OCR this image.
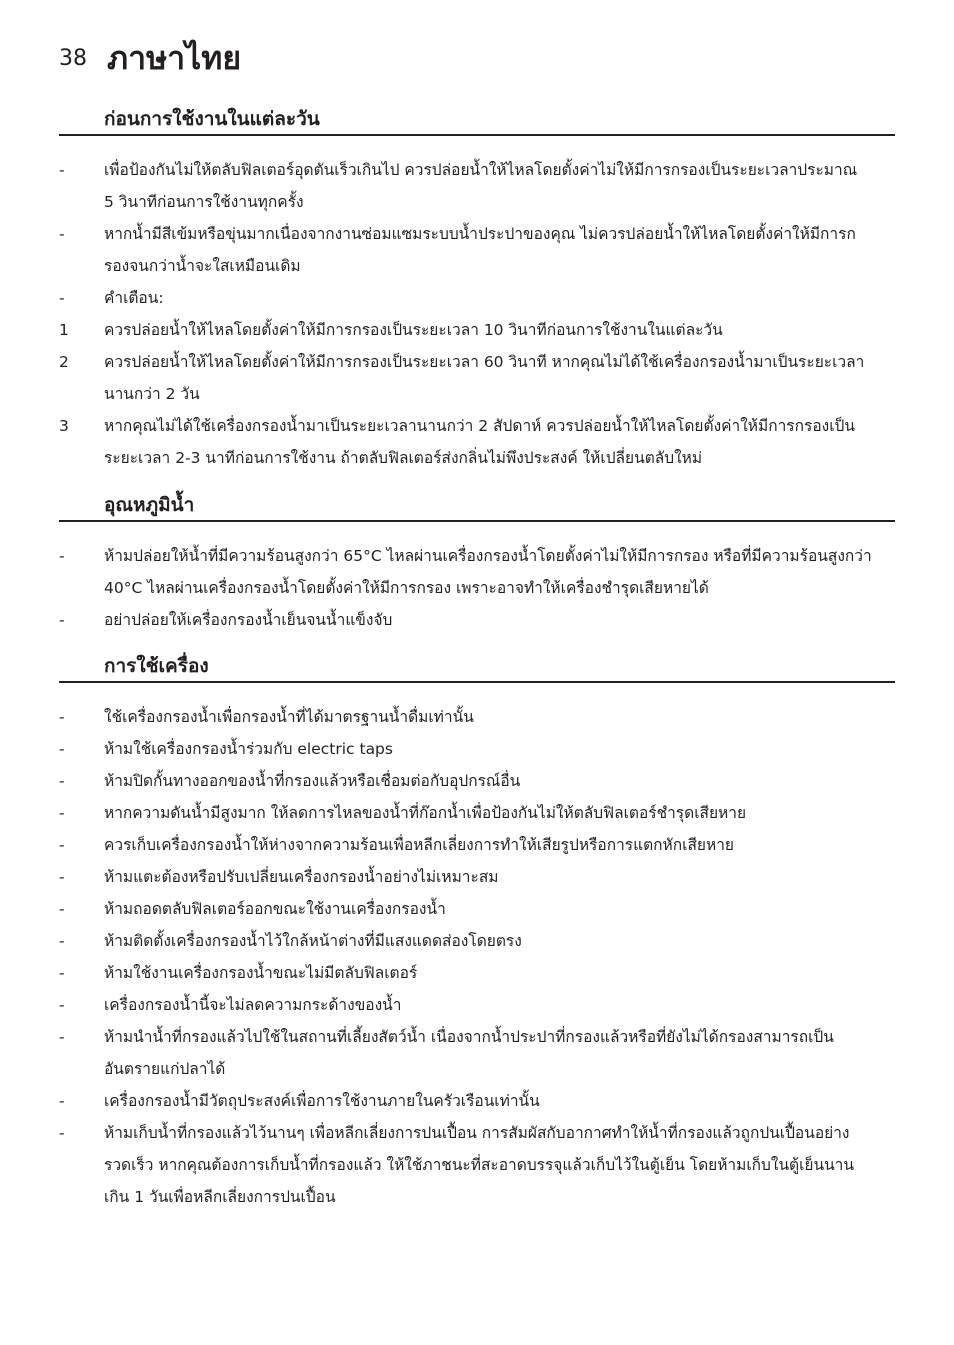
38 ภาษาไทย
ก่อนการใช้งานในแต่ละวัน
-	เพื่อป้องกันไม่ให้ตลับฟิลเตอร์อุดตันเร็วเกินไป ควรปล่อยน้ำให้ไหลโดยตั้งค่าไม่ให้มีการกรองเป็นระยะเวลาประมาณ
5 วินาทีก่อนการใช้งานทุกครั้ง
-	หากน้ำมีสีเข้มหรือขุ่นมากเนื่องจากงานซ่อมแซมระบบน้ำประปาของคุณ ไม่ควรปล่อยน้ำให้ไหลโดยตั้งค่าให้มีการก
รองจนกว่าน้ำจะใสเหมือนเดิม
-	คำเตือน:
1	ควรปล่อยน้ำให้ไหลโดยตั้งค่าให้มีการกรองเป็นระยะเวลา 10 วินาทีก่อนการใช้งานในแต่ละวัน
2	ควรปล่อยน้ำให้ไหลโดยตั้งค่าให้มีการกรองเป็นระยะเวลา 60 วินาที หากคุณไม่ได้ใช้เครื่องกรองน้ำมาเป็นระยะเวลา
นานกว่า 2 วัน
3	หากคุณไม่ได้ใช้เครื่องกรองน้ำมาเป็นระยะเวลานานกว่า 2 สัปดาห์ ควรปล่อยน้ำให้ไหลโดยตั้งค่าให้มีการกรองเป็น
ระยะเวลา 2-3 นาทีก่อนการใช้งาน ถ้าตลับฟิลเตอร์ส่งกลิ่นไม่พึงประสงค์ ให้เปลี่ยนตลับใหม่
อุณหภูมิน้ำ
-	ห้ามปล่อยให้น้ำที่มีความร้อนสูงกว่า 65°C ไหลผ่านเครื่องกรองน้ำโดยตั้งค่าไม่ให้มีการกรอง หรือที่มีความร้อนสูงกว่า
40°C ไหลผ่านเครื่องกรองน้ำโดยตั้งค่าให้มีการกรอง เพราะอาจทำให้เครื่องชำรุดเสียหายได้
-	อย่าปล่อยให้เครื่องกรองน้ำเย็นจนน้ำแข็งจับ
การใช้เครื่อง
-	ใช้เครื่องกรองน้ำเพื่อกรองน้ำที่ได้มาตรฐานน้ำดื่มเท่านั้น
-	ห้ามใช้เครื่องกรองน้ำร่วมกับ electric taps
-	ห้ามปิดกั้นทางออกของน้ำที่กรองแล้วหรือเชื่อมต่อกับอุปกรณ์อื่น
-	หากความดันน้ำมีสูงมาก ให้ลดการไหลของน้ำที่ก๊อกน้ำเพื่อป้องกันไม่ให้ตลับฟิลเตอร์ชำรุดเสียหาย
-	ควรเก็บเครื่องกรองน้ำให้ห่างจากความร้อนเพื่อหลีกเลี่ยงการทำให้เสียรูปหรือการแตกหักเสียหาย
-	ห้ามแตะต้องหรือปรับเปลี่ยนเครื่องกรองน้ำอย่างไม่เหมาะสม
-	ห้ามถอดตลับฟิลเตอร์ออกขณะใช้งานเครื่องกรองน้ำ
-	ห้ามติดตั้งเครื่องกรองน้ำไว้ใกล้หน้าต่างที่มีแสงแดดส่องโดยตรง
-	ห้ามใช้งานเครื่องกรองน้ำขณะไม่มีตลับฟิลเตอร์
-	เครื่องกรองน้ำนี้จะไม่ลดความกระด้างของน้ำ
-	ห้ามนำน้ำที่กรองแล้วไปใช้ในสถานที่เลี้ยงสัตว์น้ำ เนื่องจากน้ำประปาที่กรองแล้วหรือที่ยังไม่ได้กรองสามารถเป็น
อันตรายแก่ปลาได้
-	เครื่องกรองน้ำมีวัตถุประสงค์เพื่อการใช้งานภายในครัวเรือนเท่านั้น
-	ห้ามเก็บน้ำที่กรองแล้วไว้นานๆ เพื่อหลีกเลี่ยงการปนเปื้อน การสัมผัสกับอากาศทำให้น้ำที่กรองแล้วถูกปนเปื้อนอย่าง
รวดเร็ว หากคุณต้องการเก็บน้ำที่กรองแล้ว ให้ใช้ภาชนะที่สะอาดบรรจุแล้วเก็บไว้ในตู้เย็น โดยห้ามเก็บในตู้เย็นนาน
เกิน 1 วันเพื่อหลีกเลี่ยงการปนเปื้อน
